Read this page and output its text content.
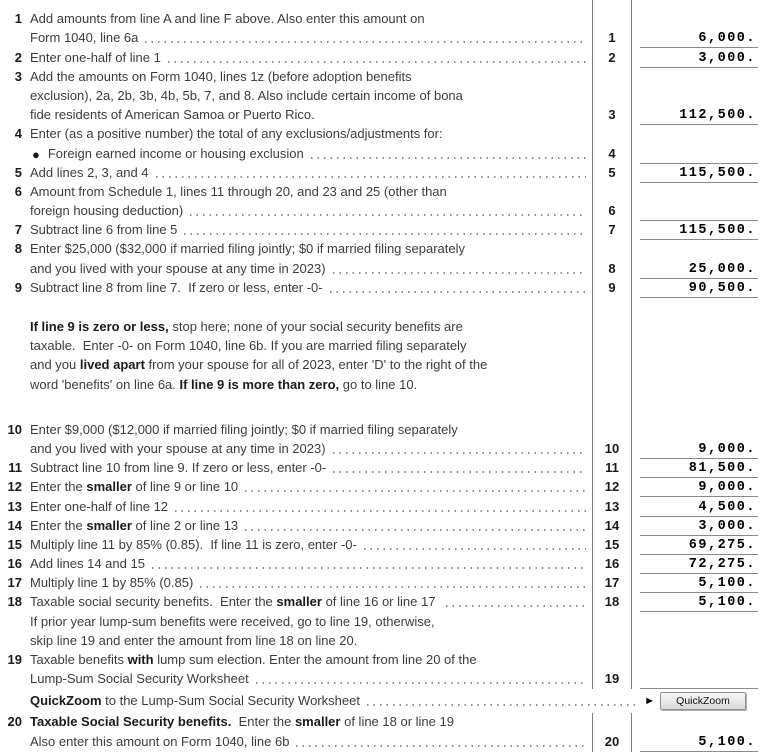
1 Add amounts from line A and line F above. Also enter this amount on
Form 1040, line 6a	1	6,000.
2 Enter one-half of line 1	2	3,000.
3 Add the amounts on Form 1040, lines 1z (before adoption benefits
exclusion), 2a, 2b, 3b, 4b, 5b, 7, and 8. Also include certain income of bona
fide residents of American Samoa or Puerto Rico.	3	112,500.
4 Enter (as a positive number) the total of any exclusions/adjustments for:
● Foreign earned income or housing exclusion	4
5 Add lines 2, 3, and 4	5	115,500.
6 Amount from Schedule 1, lines 11 through 20, and 23 and 25 (other than
foreign housing deduction)	6
7 Subtract line 6 from line 5	7	115,500.
8 Enter $25,000 ($32,000 if married filing jointly; $0 if married filing separately
and you lived with your spouse at any time in 2023)	8	25,000.
9 Subtract line 8 from line 7.  If zero or less, enter -0-	9	90,500.
If line 9 is zero or less, stop here; none of your social security benefits are
taxable.  Enter -0- on Form 1040, line 6b. If you are married filing separately
and you lived apart from your spouse for all of 2023, enter 'D' to the right of the
word 'benefits' on line 6a. If line 9 is more than zero, go to line 10.
10 Enter $9,000 ($12,000 if married filing jointly; $0 if married filing separately
and you lived with your spouse at any time in 2023)	10	9,000.
11 Subtract line 10 from line 9. If zero or less, enter -0-	11	81,500.
12 Enter the smaller of line 9 or line 10	12	9,000.
13 Enter one-half of line 12	13	4,500.
14 Enter the smaller of line 2 or line 13	14	3,000.
15 Multiply line 11 by 85% (0.85).  If line 11 is zero, enter -0-	15	69,275.
16 Add lines 14 and 15	16	72,275.
17 Multiply line 1 by 85% (0.85)	17	5,100.
18 Taxable social security benefits.  Enter the smaller of line 16 or line 17	18	5,100.
If prior year lump-sum benefits were received, go to line 19, otherwise,
skip line 19 and enter the amount from line 18 on line 20.
19 Taxable benefits with lump sum election. Enter the amount from line 20 of the
Lump-Sum Social Security Worksheet	19
QuickZoom to the Lump-Sum Social Security Worksheet	►	QuickZoom
20 Taxable Social Security benefits.  Enter the smaller of line 18 or line 19
Also enter this amount on Form 1040, line 6b	20	5,100.
